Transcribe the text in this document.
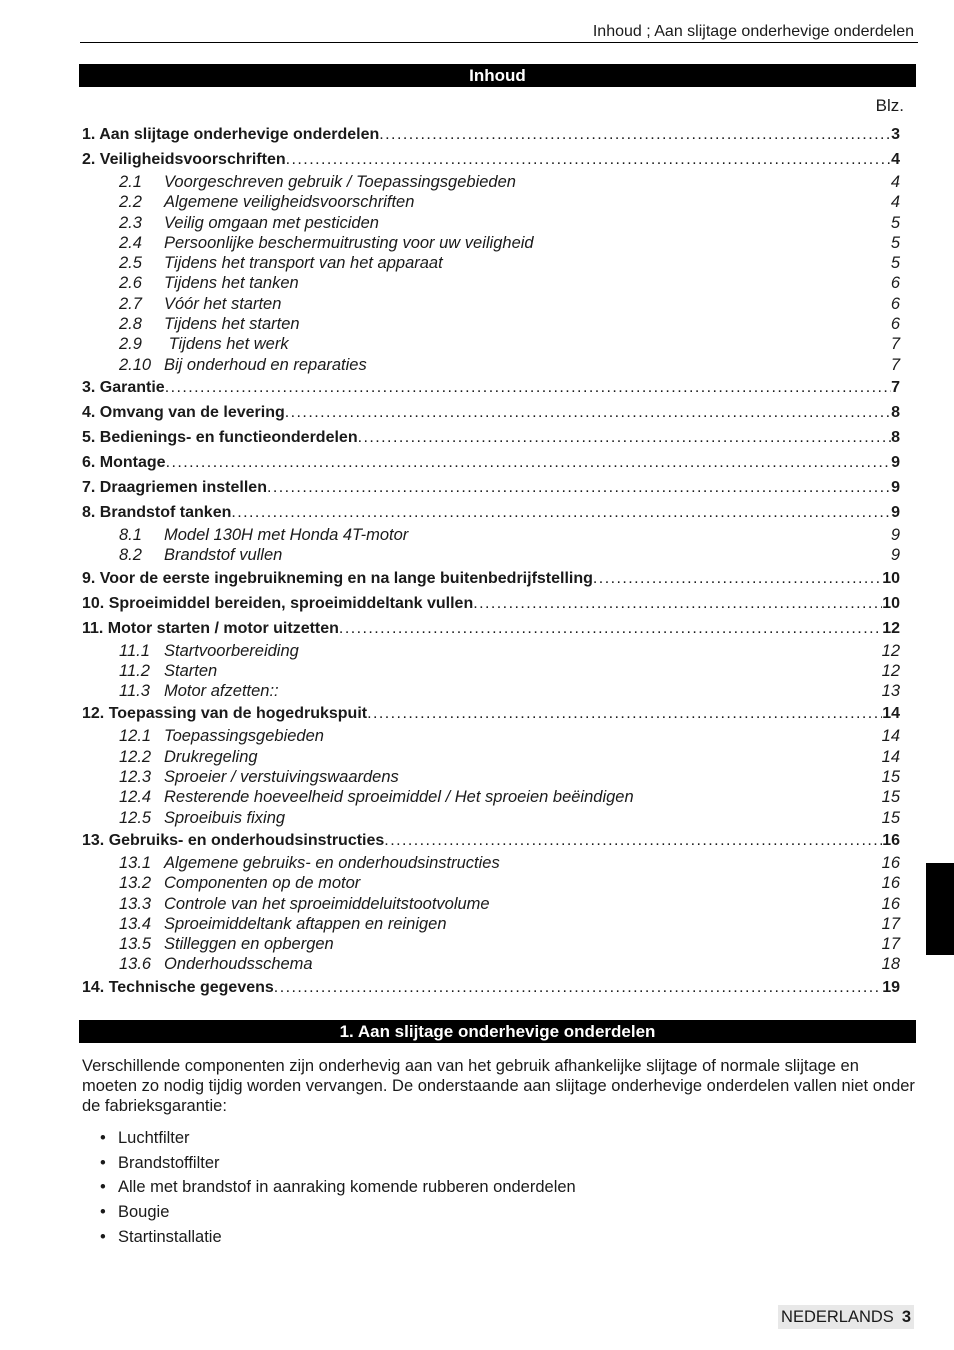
Inhoud ; Aan slijtage onderhevige onderdelen
Inhoud
Blz.
1. Aan slijtage onderhevige onderdelen . . .	3
2. Veiligheidsvoorschriften . . .	4
2.1 Voorgeschreven gebruik / Toepassingsgebieden	4
2.2 Algemene veiligheidsvoorschriften	4
2.3 Veilig omgaan met pesticiden	5
2.4 Persoonlijke beschermuitrusting voor uw veiligheid	5
2.5 Tijdens het transport van het apparaat	5
2.6 Tijdens het tanken	6
2.7 Vóór het starten	6
2.8 Tijdens het starten	6
2.9 Tijdens het werk	7
2.10 Bij onderhoud en reparaties	7
3. Garantie . . .	7
4. Omvang van de levering . . .	8
5. Bedienings- en functieonderdelen . . .	8
6. Montage . . .	9
7. Draagriemen instellen . . .	9
8. Brandstof tanken . . .	9
8.1 Model 130H met Honda 4T-motor	9
8.2 Brandstof vullen	9
9. Voor de eerste ingebruikneming en na lange buitenbedrijfstelling . . .	10
10. Sproeimiddel bereiden, sproeimiddeltank vullen . . .	10
11. Motor starten / motor uitzetten . . .	12
11.1 Startvoorbereiding	12
11.2 Starten	12
11.3 Motor afzetten::	13
12. Toepassing van de hogedrukspuit . . .	14
12.1 Toepassingsgebieden	14
12.2 Drukregeling	14
12.3 Sproeier / verstuivingswaardens	15
12.4 Resterende hoeveelheid sproeimiddel / Het sproeien beëindigen	15
12.5 Sproeibuis fixing	15
13. Gebruiks- en onderhoudsinstructies . . .	16
13.1 Algemene gebruiks- en onderhoudsinstructies	16
13.2 Componenten op de motor	16
13.3 Controle van het sproeimiddeluitstootvolume	16
13.4 Sproeimiddeltank aftappen en reinigen	17
13.5 Stilleggen en opbergen	17
13.6 Onderhoudsschema	18
14. Technische gegevens . . .	19
1. Aan slijtage onderhevige onderdelen
Verschillende componenten zijn onderhevig aan van het gebruik afhankelijke slijtage of normale slijtage en moeten zo nodig tijdig worden vervangen. De onderstaande aan slijtage onderhevige onderdelen vallen niet onder de fabrieksgarantie:
• Luchtfilter
• Brandstoffilter
• Alle met brandstof in aanraking komende rubberen onderdelen
• Bougie
• Startinstallatie
NEDERLANDS 3
